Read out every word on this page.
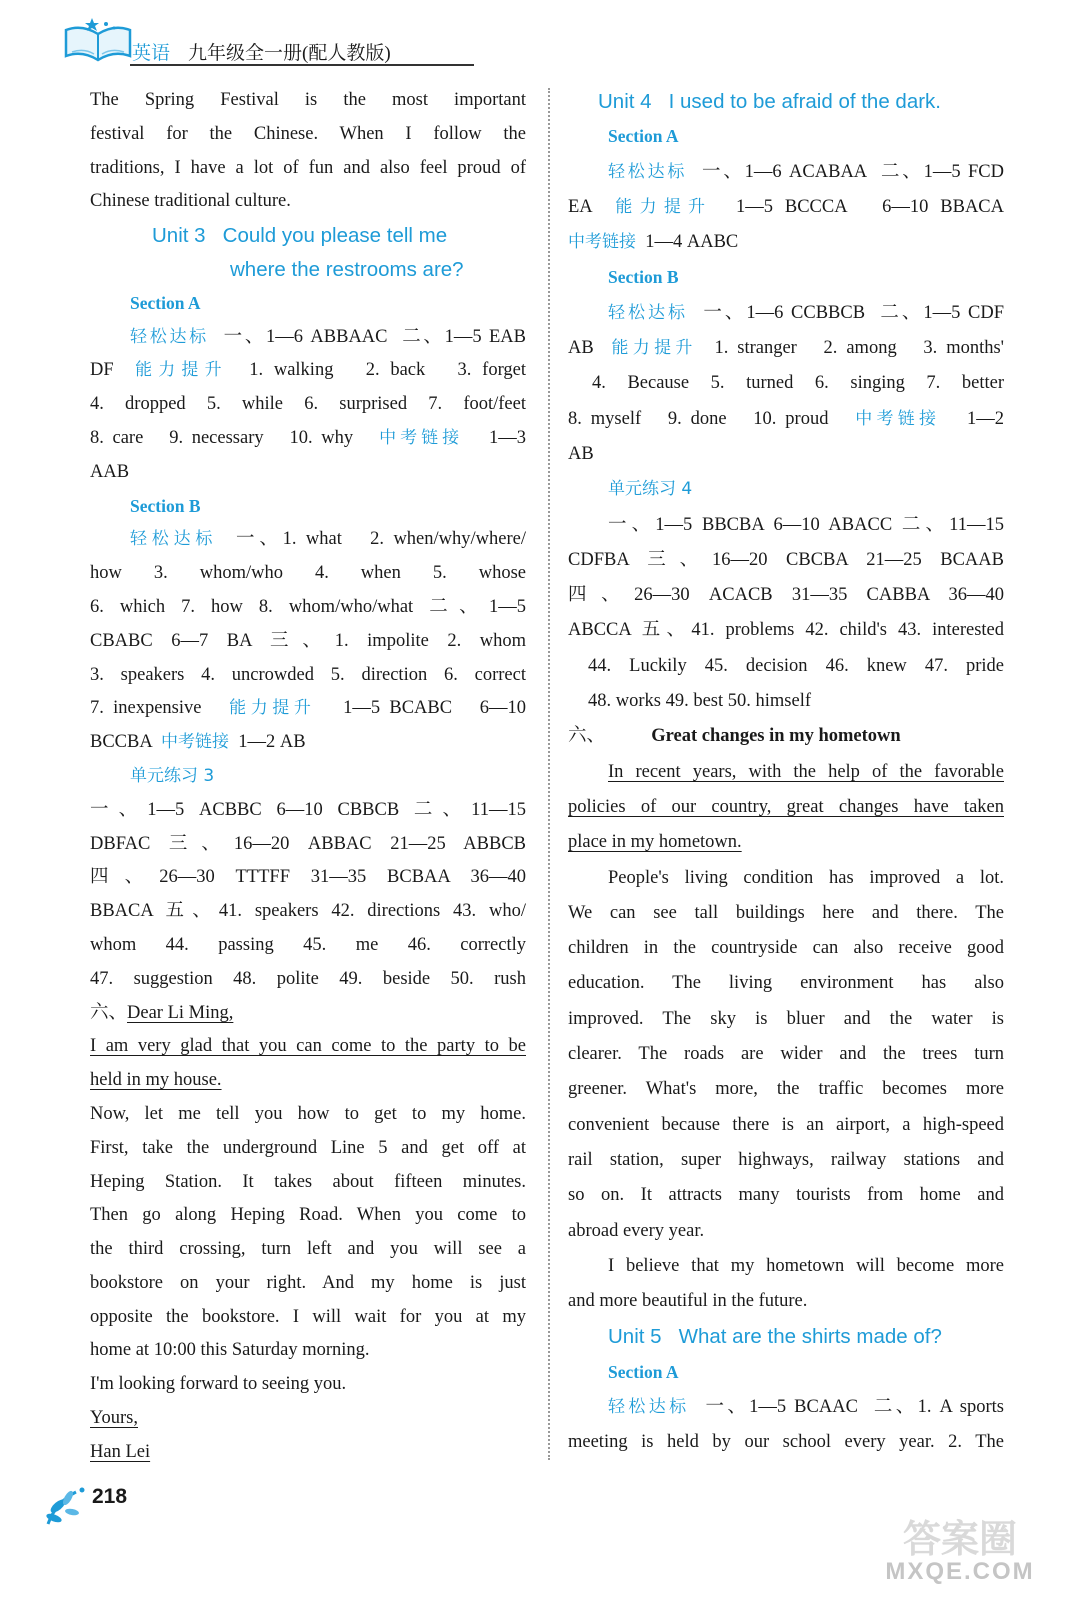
英语 九年级全一册(配人教版)
The Spring Festival is the most important
festival for the Chinese. When I follow the
traditions, I have a lot of fun and also feel proud of
Chinese traditional culture.
Unit 3   Could you please tell me
where the restrooms are?
Section A
轻松达标  一、1—6 ABBAAC  二、1—5 EAB
DF  能力提升  1. walking   2. back   3. forget
4. dropped 5. while 6. surprised 7. foot/feet
8. care   9. necessary   10. why   中考链接   1—3
AAB
Section B
轻松达标  一、1. what   2. when/why/where/
how 3. whom/who 4. when 5. whose
6. which 7. how 8. whom/who/what 二、1—5
CBABC 6—7 BA 三、1. impolite 2. whom
3. speakers 4. uncrowded 5. direction 6. correct
7. inexpensive   能力提升   1—5 BCABC   6—10
BCCBA  中考链接  1—2 AB
单元练习 3
一、1—5 ACBBC 6—10 CBBCB 二、11—15
DBFAC 三、16—20 ABBAC 21—25 ABBCB
四、26—30 TTTFF 31—35 BCBAA 36—40
BBACA 五、41. speakers 42. directions 43. who/
whom 44. passing 45. me 46. correctly
47. suggestion 48. polite 49. beside 50. rush
六、Dear Li Ming,
I am very glad that you can come to the party to be
held in my house.
Now, let me tell you how to get to my home.
First, take the underground Line 5 and get off at
Heping Station. It takes about fifteen minutes.
Then go along Heping Road. When you come to
the third crossing, turn left and you will see a
bookstore on your right. And my home is just
opposite the bookstore. I will wait for you at my
home at 10:00 this Saturday morning.
I'm looking forward to seeing you.
Yours,
Han Lei
Unit 4   I used to be afraid of the dark.
Section A
轻松达标  一、1—6 ACABAA  二、1—5 FCD
EA  能力提升  1—5 BCCCA   6—10 BBACA
中考链接  1—4 AABC
Section B
轻松达标  一、1—6 CCBBCB  二、1—5 CDF
AB  能力提升  1. stranger   2. among   3. months'
4. Because 5. turned 6. singing 7. better
8. myself   9. done   10. proud   中考链接   1—2
AB
单元练习 4
一、1—5 BBCBA 6—10 ABACC 二、11—15
CDFBA 三、16—20 CBCBA 21—25 BCAAB
四、26—30 ACACB 31—35 CABBA 36—40
ABCCA 五、41. problems 42. child's 43. interested
44. Luckily 45. decision 46. knew 47. pride
48. works 49. best 50. himself
六、          Great changes in my hometown
In recent years, with the help of the favorable
policies of our country, great changes have taken
place in my hometown.
People's living condition has improved a lot.
We can see tall buildings here and there. The
children in the countryside can also receive good
education. The living environment has also
improved. The sky is bluer and the water is
clearer. The roads are wider and the trees turn
greener. What's more, the traffic becomes more
convenient because there is an airport, a high-speed
rail station, super highways, railway stations and
so on. It attracts many tourists from home and
abroad every year.
I believe that my hometown will become more
and more beautiful in the future.
Unit 5   What are the shirts made of?
Section A
轻松达标  一、1—5 BCAAC  二、1. A sports
meeting is held by our school every year. 2. The
218
答案圈
MXQE.COM
